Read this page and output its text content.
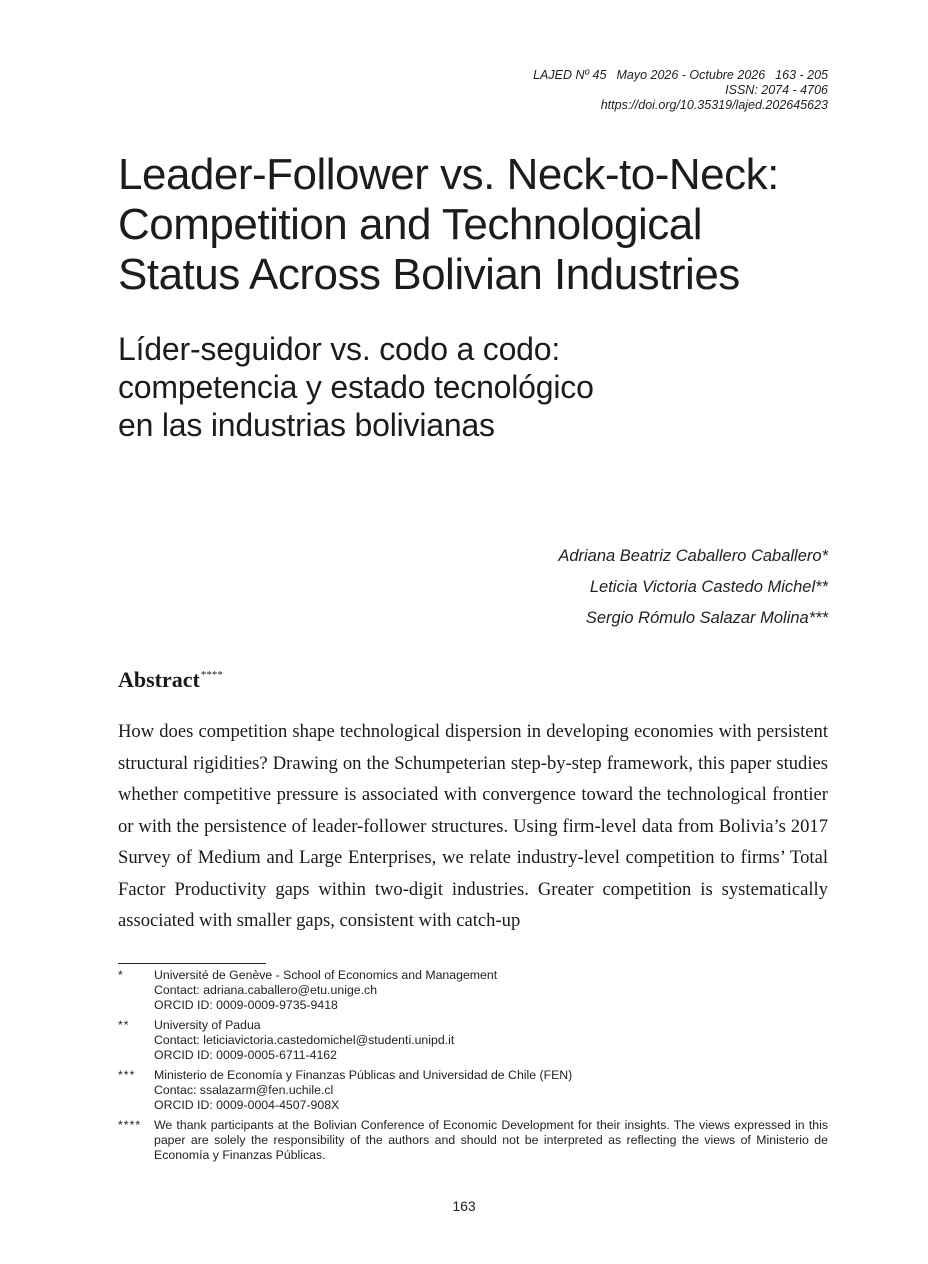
LAJED Nº 45 Mayo 2026 - Octubre 2026 163 - 205
ISSN: 2074 - 4706
https://doi.org/10.35319/lajed.202645623
Leader-Follower vs. Neck-to-Neck:
Competition and Technological
Status Across Bolivian Industries
Líder-seguidor vs. codo a codo:
competencia y estado tecnológico
en las industrias bolivianas
Adriana Beatriz Caballero Caballero*
Leticia Victoria Castedo Michel**
Sergio Rómulo Salazar Molina***
Abstract****

How does competition shape technological dispersion in developing economies with persistent structural rigidities? Drawing on the Schumpeterian step-by-step framework, this paper studies whether competitive pressure is associated with convergence toward the technological frontier or with the persistence of leader-follower structures. Using firm-level data from Bolivia’s 2017 Survey of Medium and Large Enterprises, we relate industry-level competition to firms’ Total Factor Productivity gaps within two-digit industries. Greater competition is systematically associated with smaller gaps, consistent with catch-up

*	Université de Genève - School of Economics and Management
Contact: adriana.caballero@etu.unige.ch
ORCID ID: 0009-0009-9735-9418
**	University of Padua
Contact: leticiavictoria.castedomichel@studenti.unipd.it
ORCID ID: 0009-0005-6711-4162
***	Ministerio de Economía y Finanzas Públicas and Universidad de Chile (FEN)
Contac: ssalazarm@fen.uchile.cl
ORCID ID: 0009-0004-4507-908X
****	We thank participants at the Bolivian Conference of Economic Development for their insights. The views expressed in this paper are solely the responsibility of the authors and should not be interpreted as reflecting the views of Ministerio de Economía y Finanzas Públicas.
163
